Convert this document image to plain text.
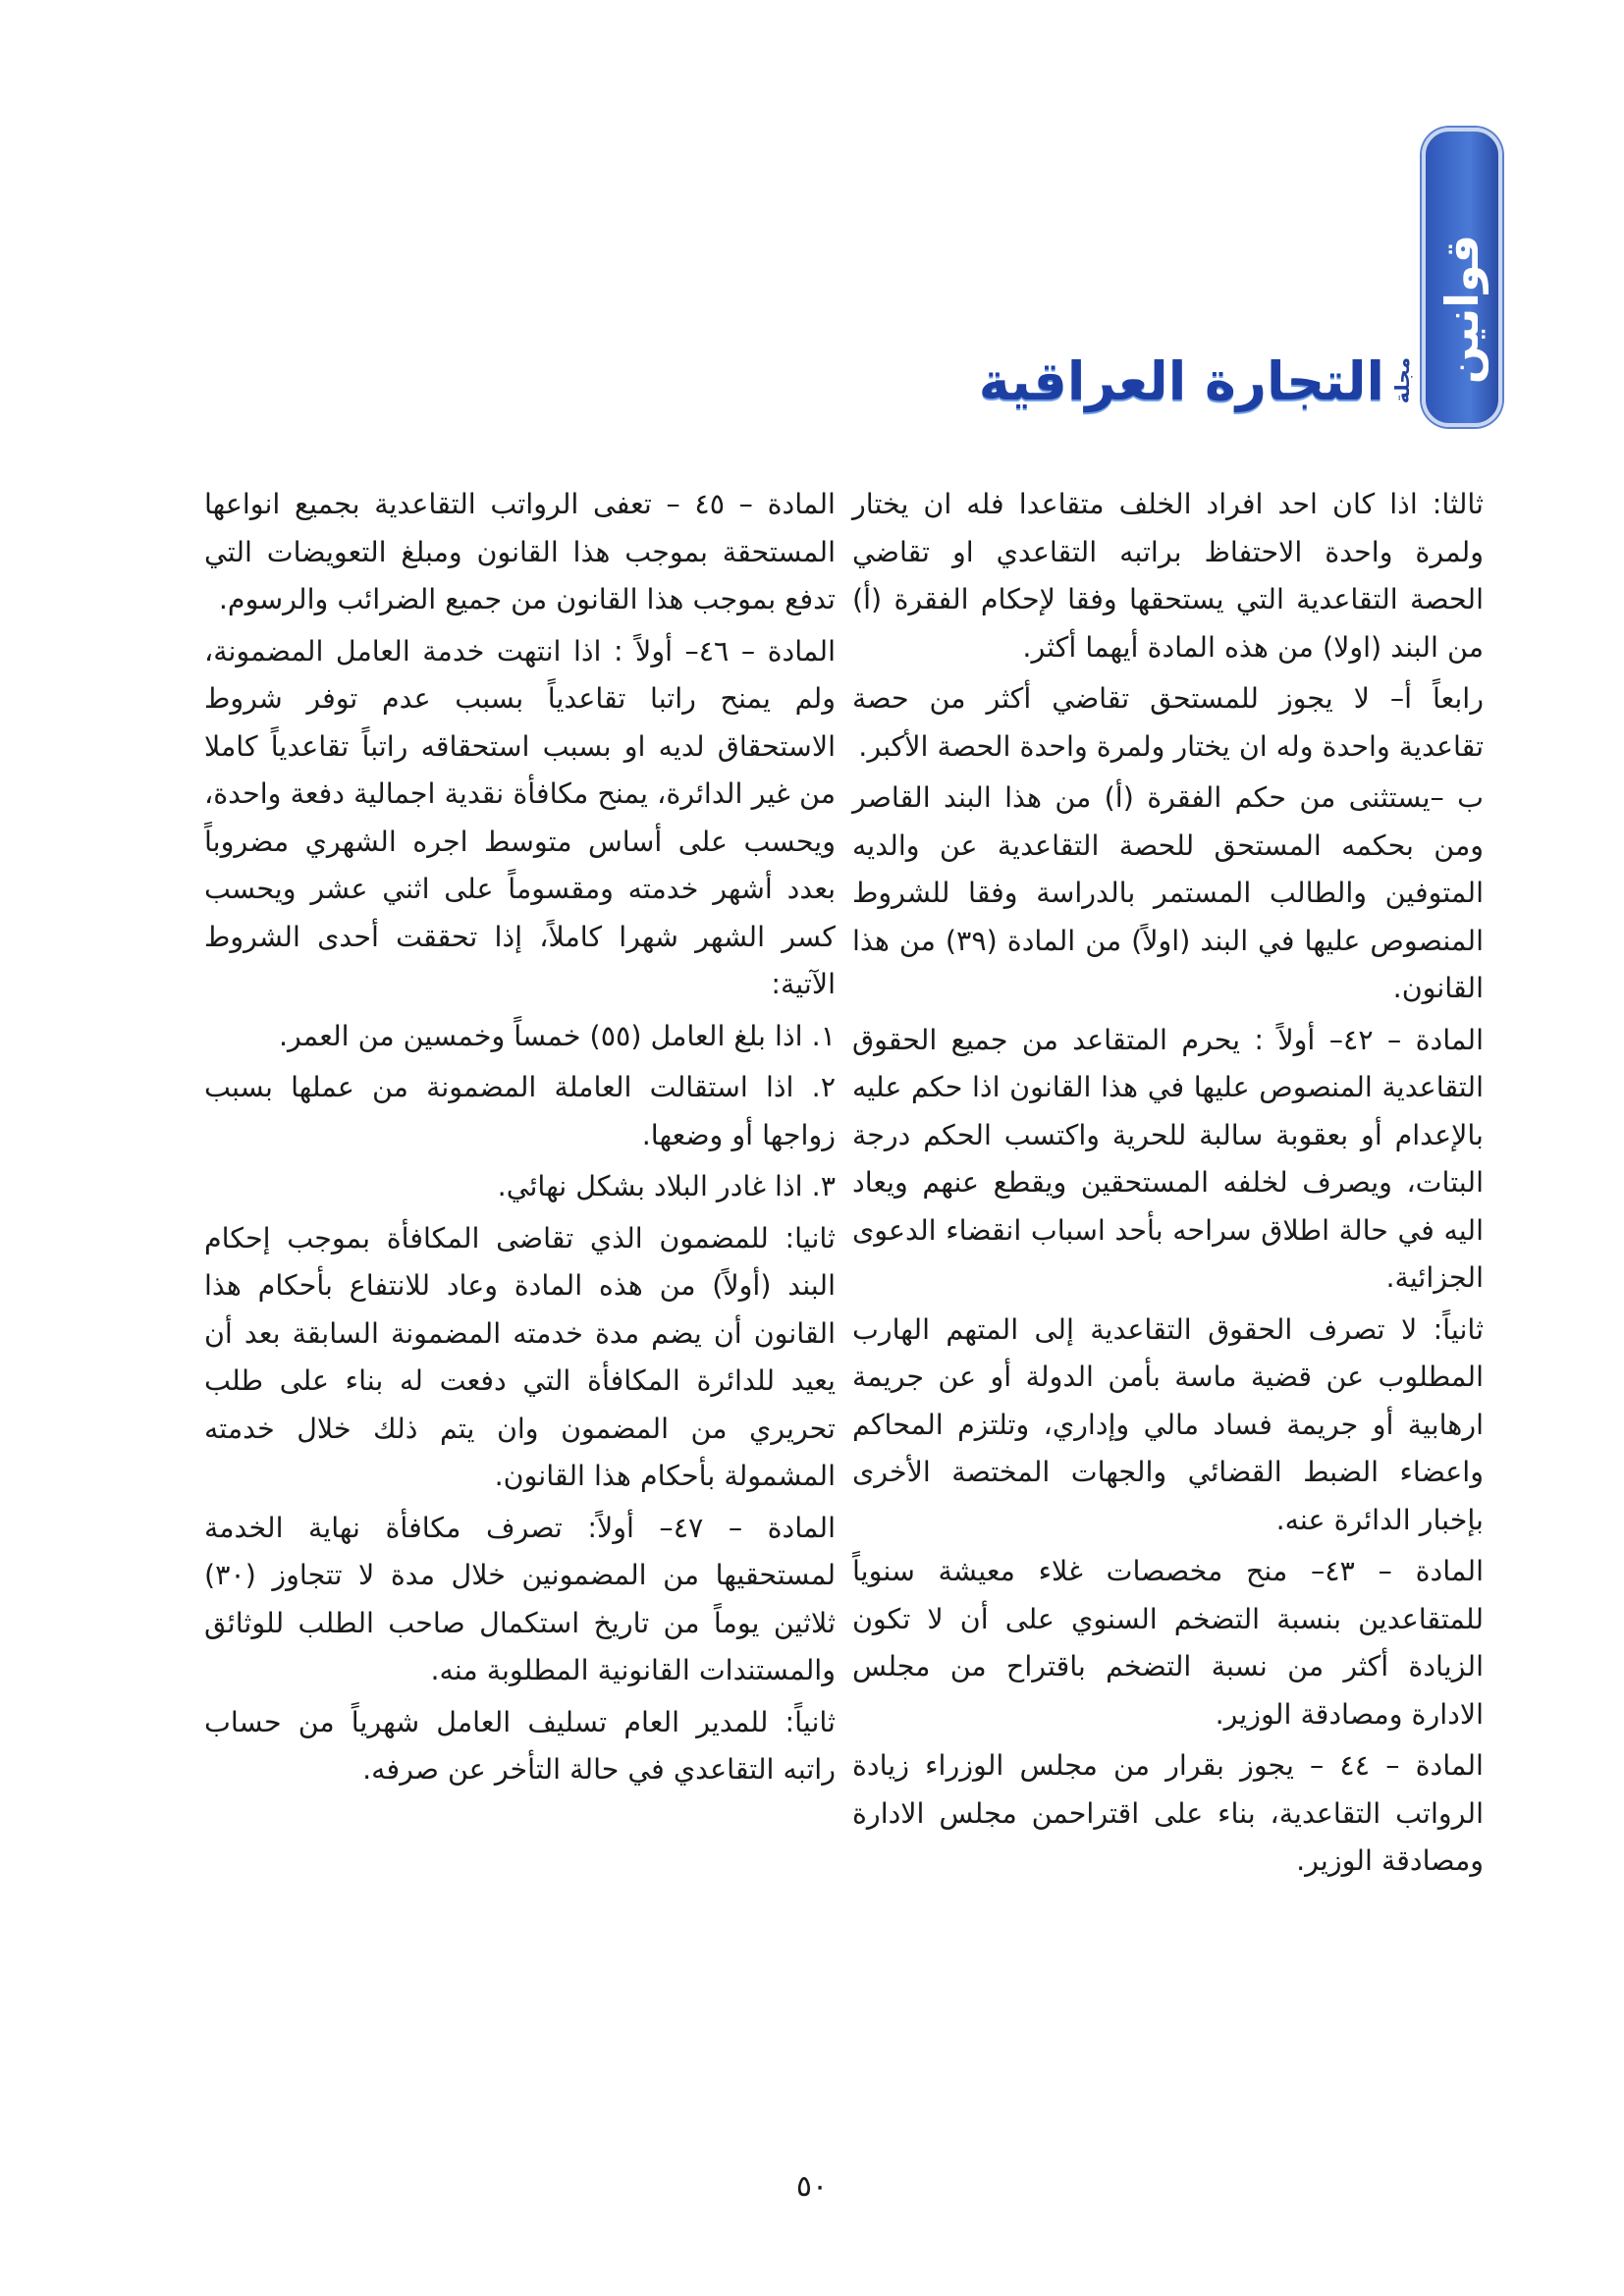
قوانين
مجلة
التجارة العراقية

ثالثا: اذا كان احد افراد الخلف متقاعدا فله ان يختار ولمرة واحدة الاحتفاظ براتبه التقاعدي او تقاضي الحصة التقاعدية التي يستحقها وفقا لإحكام الفقرة (أ) من البند (اولا) من هذه المادة أيهما أكثر.

رابعاً أ– لا يجوز للمستحق تقاضي أكثر من حصة تقاعدية واحدة وله ان يختار ولمرة واحدة الحصة الأكبر.

ب –يستثنى من حكم الفقرة (أ) من هذا البند القاصر ومن بحكمه المستحق للحصة التقاعدية عن والديه المتوفين والطالب المستمر بالدراسة وفقا للشروط المنصوص عليها في البند (اولاً) من المادة (٣٩) من هذا القانون.

المادة – ٤٢– أولاً : يحرم المتقاعد من جميع الحقوق التقاعدية المنصوص عليها في هذا القانون اذا حكم عليه بالإعدام أو بعقوبة سالبة للحرية واكتسب الحكم درجة البتات، ويصرف لخلفه المستحقين ويقطع عنهم ويعاد اليه في حالة اطلاق سراحه بأحد اسباب انقضاء الدعوى الجزائية.

ثانياً: لا تصرف الحقوق التقاعدية إلى المتهم الهارب المطلوب عن قضية ماسة بأمن الدولة أو عن جريمة ارهابية أو جريمة فساد مالي وإداري، وتلتزم المحاكم واعضاء الضبط القضائي والجهات المختصة الأخرى بإخبار الدائرة عنه.

المادة – ٤٣– منح مخصصات غلاء معيشة سنوياً للمتقاعدين بنسبة التضخم السنوي على أن لا تكون الزيادة أكثر من نسبة التضخم باقتراح من مجلس الادارة ومصادقة الوزير.

المادة – ٤٤ – يجوز بقرار من مجلس الوزراء زيادة الرواتب التقاعدية، بناء على اقتراحمن مجلس الادارة ومصادقة الوزير.

المادة – ٤٥ – تعفى الرواتب التقاعدية بجميع انواعها المستحقة بموجب هذا القانون ومبلغ التعويضات التي تدفع بموجب هذا القانون من جميع الضرائب والرسوم.

المادة – ٤٦– أولاً : اذا انتهت خدمة العامل المضمونة، ولم يمنح راتبا تقاعدياً بسبب عدم توفر شروط الاستحقاق لديه او بسبب استحقاقه راتباً تقاعدياً كاملا من غير الدائرة، يمنح مكافأة نقدية اجمالية دفعة واحدة، ويحسب على أساس متوسط اجره الشهري مضروباً بعدد أشهر خدمته ومقسوماً على اثني عشر ويحسب كسر الشهر شهرا كاملاً، إذا تحققت أحدى الشروط الآتية:

١. اذا بلغ العامل (٥٥) خمساً وخمسين من العمر.

٢. اذا استقالت العاملة المضمونة من عملها بسبب زواجها أو وضعها.

٣. اذا غادر البلاد بشكل نهائي.

ثانيا: للمضمون الذي تقاضى المكافأة بموجب إحكام البند (أولاً) من هذه المادة وعاد للانتفاع بأحكام هذا القانون أن يضم مدة خدمته المضمونة السابقة بعد أن يعيد للدائرة المكافأة التي دفعت له بناء على طلب تحريري من المضمون وان يتم ذلك خلال خدمته المشمولة بأحكام هذا القانون.

المادة – ٤٧– أولاً: تصرف مكافأة نهاية الخدمة لمستحقيها من المضمونين خلال مدة لا تتجاوز (٣٠) ثلاثين يوماً من تاريخ استكمال صاحب الطلب للوثائق والمستندات القانونية المطلوبة منه.

ثانياً: للمدير العام تسليف العامل شهرياً من حساب راتبه التقاعدي في حالة التأخر عن صرفه.

٥٠
